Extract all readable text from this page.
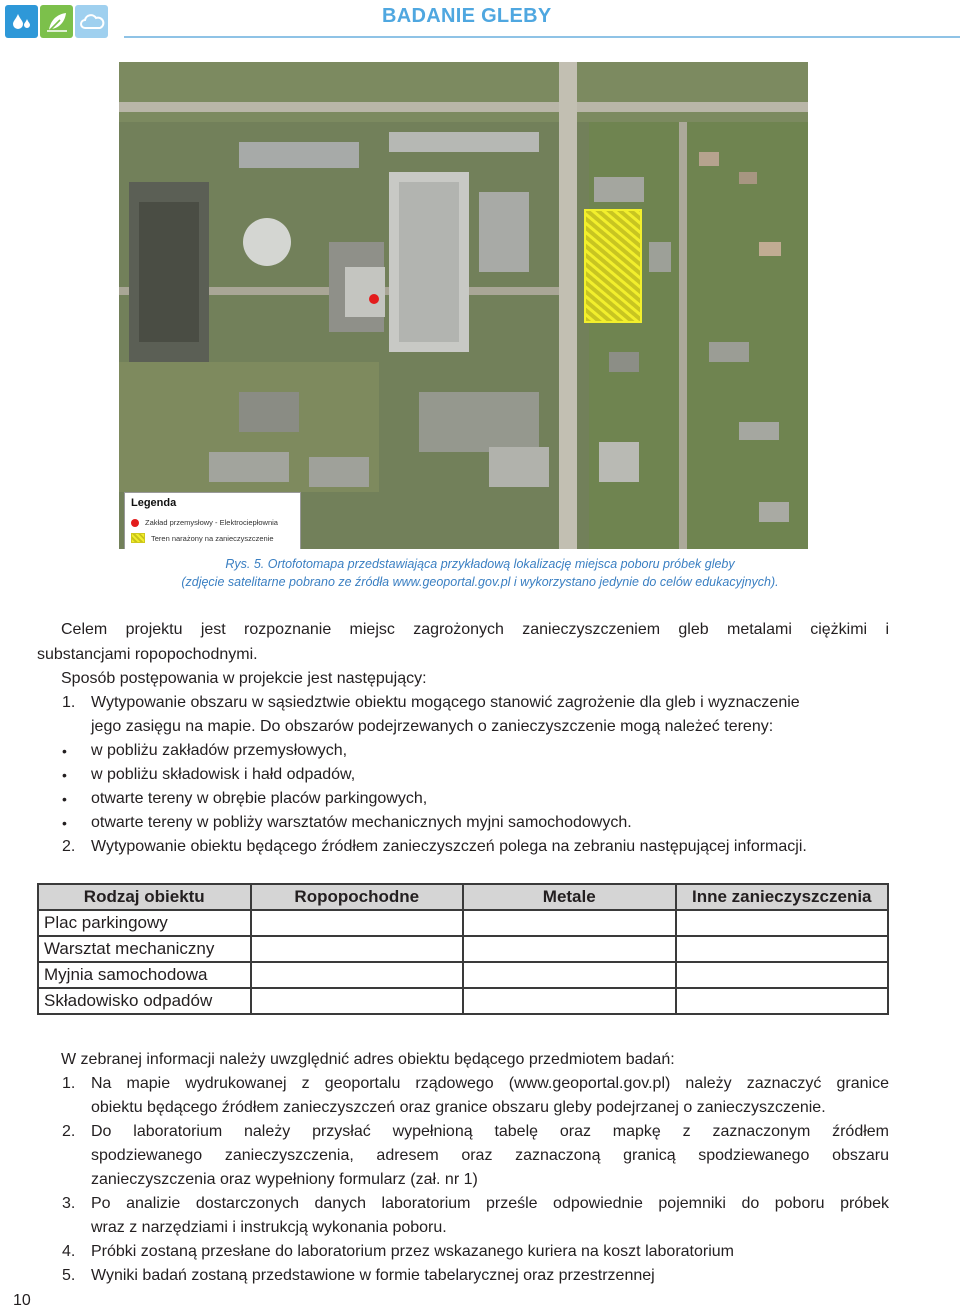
BADANIE GLEBY
Legenda
Zakład przemysłowy - Elektrociepłownia
Teren narażony na zanieczyszczenie
Rys. 5. Ortofotomapa przedstawiająca przykładową lokalizację miejsca poboru próbek gleby
(zdjęcie satelitarne pobrano ze źródła www.geoportal.gov.pl i wykorzystano jedynie do celów edukacyjnych).
Celem projektu jest rozpoznanie miejsc zagrożonych zanieczyszczeniem gleb metalami ciężkimi i
substancjami ropopochodnymi.
Sposób postępowania w projekcie jest następujący:
1. Wytypowanie obszaru w sąsiedztwie obiektu mogącego stanowić zagrożenie dla gleb i wyznaczenie
jego zasięgu na mapie. Do obszarów podejrzewanych o zanieczyszczenie mogą należeć tereny:
• w pobliżu zakładów przemysłowych,
• w pobliżu składowisk i hałd odpadów,
• otwarte tereny w obrębie placów parkingowych,
• otwarte tereny w pobliży warsztatów mechanicznych myjni samochodowych.
2. Wytypowanie obiektu będącego źródłem zanieczyszczeń polega na zebraniu następującej informacji.
Rodzaj obiektu	Ropopochodne	Metale	Inne zanieczyszczenia
Plac parkingowy			
Warsztat mechaniczny			
Myjnia samochodowa			
Składowisko odpadów			
W zebranej informacji należy uwzględnić adres obiektu będącego przedmiotem badań:
1. Na mapie wydrukowanej z geoportalu rządowego (www.geoportal.gov.pl) należy zaznaczyć granice
obiektu będącego źródłem zanieczyszczeń oraz granice obszaru gleby podejrzanej o zanieczyszczenie.
2. Do laboratorium należy przysłać wypełnioną tabelę oraz mapkę z zaznaczonym źródłem
spodziewanego zanieczyszczenia, adresem oraz zaznaczoną granicą spodziewanego obszaru
zanieczyszczenia oraz wypełniony formularz (zał. nr 1)
3. Po analizie dostarczonych danych laboratorium prześle odpowiednie pojemniki do poboru próbek
wraz z narzędziami i instrukcją wykonania poboru.
4. Próbki zostaną przesłane do laboratorium przez wskazanego kuriera na koszt laboratorium
5. Wyniki badań zostaną przedstawione w formie tabelarycznej oraz przestrzennej
10
